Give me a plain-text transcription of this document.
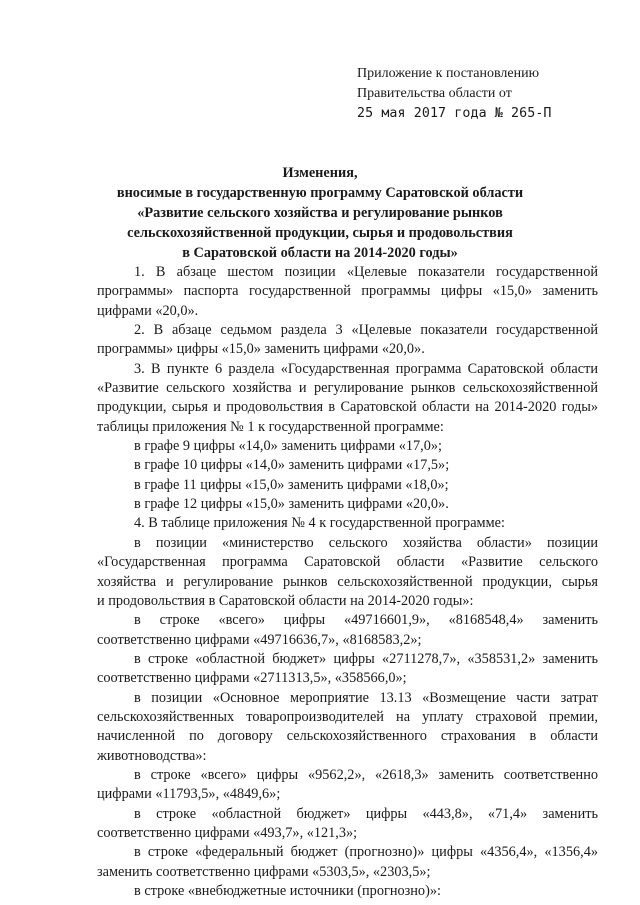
Приложение к постановлению
Правительства области от
25 мая 2017 года № 265-П
Изменения,
вносимые в государственную программу Саратовской области
«Развитие сельского хозяйства и регулирование рынков
сельскохозяйственной продукции, сырья и продовольствия
в Саратовской области на 2014-2020 годы»
1. В абзаце шестом позиции «Целевые показатели государственной
программы» паспорта государственной программы цифры «15,0» заменить
цифрами «20,0».
2. В абзаце седьмом раздела 3 «Целевые показатели государственной
программы» цифры «15,0» заменить цифрами «20,0».
3. В пункте 6 раздела «Государственная программа Саратовской области
«Развитие сельского хозяйства и регулирование рынков сельскохозяйственной
продукции, сырья и продовольствия в Саратовской области на 2014-2020 годы»
таблицы приложения № 1 к государственной программе:
в графе 9 цифры «14,0» заменить цифрами «17,0»;
в графе 10 цифры «14,0» заменить цифрами «17,5»;
в графе 11 цифры «15,0» заменить цифрами «18,0»;
в графе 12 цифры «15,0» заменить цифрами «20,0».
4. В таблице приложения № 4 к государственной программе:
в позиции «министерство сельского хозяйства области» позиции
«Государственная программа Саратовской области «Развитие сельского
хозяйства и регулирование рынков сельскохозяйственной продукции, сырья
и продовольствия в Саратовской области на 2014-2020 годы»:
в строке «всего» цифры «49716601,9», «8168548,4» заменить
соответственно цифрами «49716636,7», «8168583,2»;
в строке «областной бюджет» цифры «2711278,7», «358531,2» заменить
соответственно цифрами «2711313,5», «358566,0»;
в позиции «Основное мероприятие 13.13 «Возмещение части затрат
сельскохозяйственных товаропроизводителей на уплату страховой премии,
начисленной по договору сельскохозяйственного страхования в области
животноводства»:
в строке «всего» цифры «9562,2», «2618,3» заменить соответственно
цифрами «11793,5», «4849,6»;
в строке «областной бюджет» цифры «443,8», «71,4» заменить
соответственно цифрами «493,7», «121,3»;
в строке «федеральный бюджет (прогнозно)» цифры «4356,4», «1356,4»
заменить соответственно цифрами «5303,5», «2303,5»;
в строке «внебюджетные источники (прогнозно)»:
